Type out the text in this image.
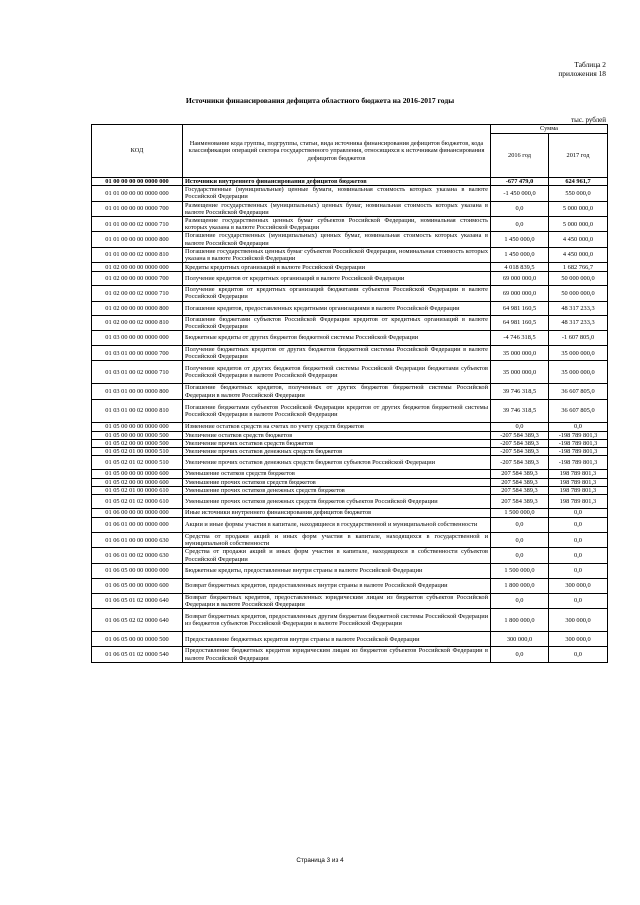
Таблица 2
приложения 18
Источники финансирования дефицита областного бюджета на 2016-2017 годы
тыс. рублей
КОД	Наименование кода группы, подгруппы, статьи, вида источника финансирования дефицитов бюджетов, кода классификации операций сектора государственного управления, относящихся к источникам финансирования дефицитов бюджетов	Сумма	
		2016 год	2017 год
01 00 00 00 00 0000 000	Источники внутреннего финансирования дефицитов бюджетов	-677 479,0	624 961,7
01 01 00 00 00 0000 000	Государственные (муниципальные) ценные бумаги, номинальная стоимость которых указана в валюте Российской Федерации	-1 450 000,0	550 000,0
01 01 00 00 00 0000 700	Размещение государственных (муниципальных) ценных бумаг, номинальная стоимость которых указана в валюте Российской Федерации	0,0	5 000 000,0
01 01 00 00 02 0000 710	Размещение государственных ценных бумаг субъектов Российской Федерации, номинальная стоимость которых указана в валюте Российской Федерации	0,0	5 000 000,0
01 01 00 00 00 0000 800	Погашение государственных (муниципальных) ценных бумаг, номинальная стоимость которых указана в валюте Российской Федерации	1 450 000,0	4 450 000,0
01 01 00 00 02 0000 810	Погашение государственных ценных бумаг субъектов Российской Федерации, номинальная стоимость которых указана в валюте Российской Федерации	1 450 000,0	4 450 000,0
01 02 00 00 00 0000 000	Кредиты кредитных организаций в валюте Российской Федерации	4 018 839,5	1 682 766,7
01 02 00 00 00 0000 700	Получение кредитов от кредитных организаций в валюте Российской Федерации	69 000 000,0	50 000 000,0
01 02 00 00 02 0000 710	Получение кредитов от кредитных организаций бюджетами субъектов Российской Федерации в валюте Российской Федерации	69 000 000,0	50 000 000,0
01 02 00 00 00 0000 800	Погашение кредитов, предоставленных кредитными организациями в валюте Российской Федерации	64 981 160,5	48 317 233,3
01 02 00 00 02 0000 810	Погашение бюджетами субъектов Российской Федерации кредитов от кредитных организаций в валюте Российской Федерации	64 981 160,5	48 317 233,3
01 03 00 00 00 0000 000	Бюджетные кредиты от других бюджетов бюджетной системы Российской Федерации	-4 746 318,5	-1 607 805,0
01 03 01 00 00 0000 700	Получение бюджетных кредитов от других бюджетов бюджетной системы Российской Федерации в валюте Российской Федерации	35 000 000,0	35 000 000,0
01 03 01 00 02 0000 710	Получение кредитов от других бюджетов бюджетной системы Российской Федерации бюджетами субъектов Российской Федерации в валюте Российской Федерации	35 000 000,0	35 000 000,0
01 03 01 00 00 0000 800	Погашение бюджетных кредитов, полученных от других бюджетов бюджетной системы Российской Федерации в валюте Российской Федерации	39 746 318,5	36 607 805,0
01 03 01 00 02 0000 810	Погашение бюджетами субъектов Российской Федерации кредитов от других бюджетов бюджетной системы Российской Федерации в валюте Российской Федерации	39 746 318,5	36 607 805,0
01 05 00 00 00 0000 000	Изменение остатков средств на счетах по учету средств бюджетов	0,0	0,0
01 05 00 00 00 0000 500	Увеличение остатков средств бюджетов	-207 584 389,3	-198 789 801,3
01 05 02 00 00 0000 500	Увеличение прочих остатков средств бюджетов	-207 584 389,3	-198 789 801,3
01 05 02 01 00 0000 510	Увеличение прочих остатков денежных средств бюджетов	-207 584 389,3	-198 789 801,3
01 05 02 01 02 0000 510	Увеличение прочих остатков денежных средств бюджетов субъектов Российской Федерации	-207 584 389,3	-198 789 801,3
01 05 00 00 00 0000 600	Уменьшение остатков средств бюджетов	207 584 389,3	198 789 801,3
01 05 02 00 00 0000 600	Уменьшение прочих остатков средств бюджетов	207 584 389,3	198 789 801,3
01 05 02 01 00 0000 610	Уменьшение прочих остатков денежных средств бюджетов	207 584 389,3	198 789 801,3
01 05 02 01 02 0000 610	Уменьшение прочих остатков денежных средств бюджетов субъектов Российской Федерации	207 584 389,3	198 789 801,3
01 06 00 00 00 0000 000	Иные источники внутреннего финансирования дефицитов бюджетов	1 500 000,0	0,0
01 06 01 00 00 0000 000	Акции и иные формы участия в капитале, находящиеся в государственной и муниципальной собственности	0,0	0,0
01 06 01 00 00 0000 630	Средства от продажи акций и иных форм участия в капитале, находящихся в государственной и муниципальной собственности	0,0	0,0
01 06 01 00 02 0000 630	Средства от продажи акций и иных форм участия в капитале, находящихся в собственности субъектов Российской Федерации	0,0	0,0
01 06 05 00 00 0000 000	Бюджетные кредиты, предоставленные внутри страны в валюте Российской Федерации	1 500 000,0	0,0
01 06 05 00 00 0000 600	Возврат бюджетных кредитов, предоставленных внутри страны в валюте Российской Федерации	1 800 000,0	300 000,0
01 06 05 01 02 0000 640	Возврат бюджетных кредитов, предоставленных юридическим лицам из бюджетов субъектов Российской Федерации в валюте Российской Федерации	0,0	0,0
01 06 05 02 02 0000 640	Возврат бюджетных кредитов, предоставленных другим бюджетам бюджетной системы Российской Федерации из бюджетов субъектов Российской Федерации в валюте Российской Федерации	1 800 000,0	300 000,0
01 06 05 00 00 0000 500	Предоставление бюджетных кредитов внутри страны в валюте Российской Федерации	300 000,0	300 000,0
01 06 05 01 02 0000 540	Предоставление бюджетных кредитов юридическим лицам из бюджетов субъектов Российской Федерации в валюте Российской Федерации	0,0	0,0
Страница 3 из 4
